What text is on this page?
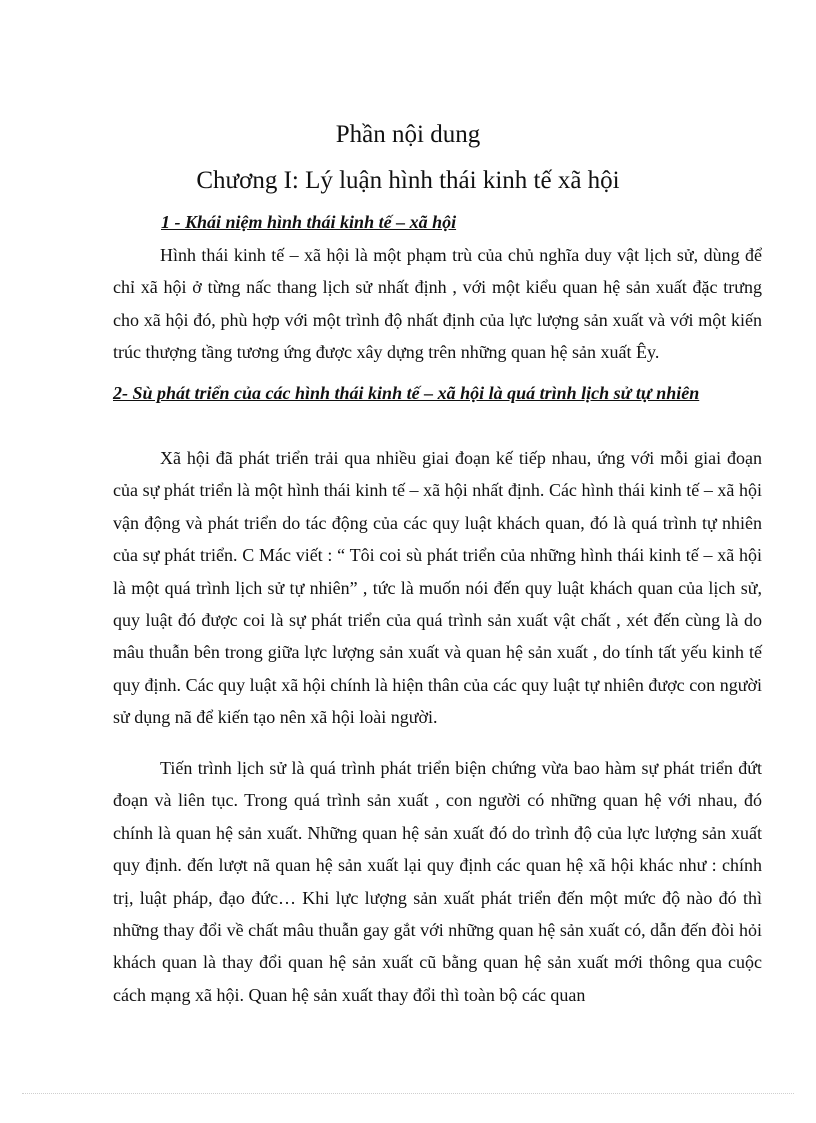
Phần nội dung
Chương I: Lý luận hình thái kinh tế xã hội
1 - Khái niệm hình thái kinh tế – xã hội

Hình thái kinh tế – xã hội là một phạm trù của chủ nghĩa duy vật lịch sử, dùng để chỉ xã hội ở từng nấc thang lịch sử nhất định , với một kiểu quan hệ sản xuất đặc trưng cho xã hội đó, phù hợp với một trình độ nhất định của lực lượng sản xuất và với một kiến trúc thượng tầng tương ứng được xây dựng trên những quan hệ sản xuất Êy.

2- Sù phát triển của các hình thái kinh tế – xã hội là quá trình lịch sử tự nhiên

Xã hội đã phát triển trải qua nhiều giai đoạn kế tiếp nhau, ứng với mỗi giai đoạn của sự phát triển là một hình thái kinh tế – xã hội nhất định. Các hình thái kinh tế – xã hội vận động và phát triển do tác động của các quy luật khách quan, đó là quá trình tự nhiên của sự phát triển. C Mác viết : “ Tôi coi sù phát triển của những hình thái kinh tế – xã hội là một quá trình lịch sử tự nhiên” , tức là muốn nói đến quy luật khách quan của lịch sử, quy luật đó được coi là sự phát triển của quá trình sản xuất vật chất , xét đến cùng là do mâu thuẫn bên trong giữa lực lượng sản xuất và quan hệ sản xuất , do tính tất yếu kinh tế quy định. Các quy luật xã hội chính là hiện thân của các quy luật tự nhiên được con người sử dụng nã để kiến tạo nên xã hội loài người.

Tiến trình lịch sử là quá trình phát triển biện chứng vừa bao hàm sự phát triển đứt đoạn và liên tục. Trong quá trình sản xuất , con người có những quan hệ với nhau, đó chính là quan hệ sản xuất. Những quan hệ sản xuất đó do trình độ của lực lượng sản xuất quy định. đến lượt nã quan hệ sản xuất lại quy định các quan hệ xã hội khác như : chính trị, luật pháp, đạo đức… Khi lực lượng sản xuất phát triển đến một mức độ nào đó thì những thay đổi về chất mâu thuẫn gay gắt với những quan hệ sản xuất có, dẫn đến đòi hỏi khách quan là thay đổi quan hệ sản xuất cũ bằng quan hệ sản xuất mới thông qua cuộc cách mạng xã hội. Quan hệ sản xuất thay đổi thì toàn bộ các quan
